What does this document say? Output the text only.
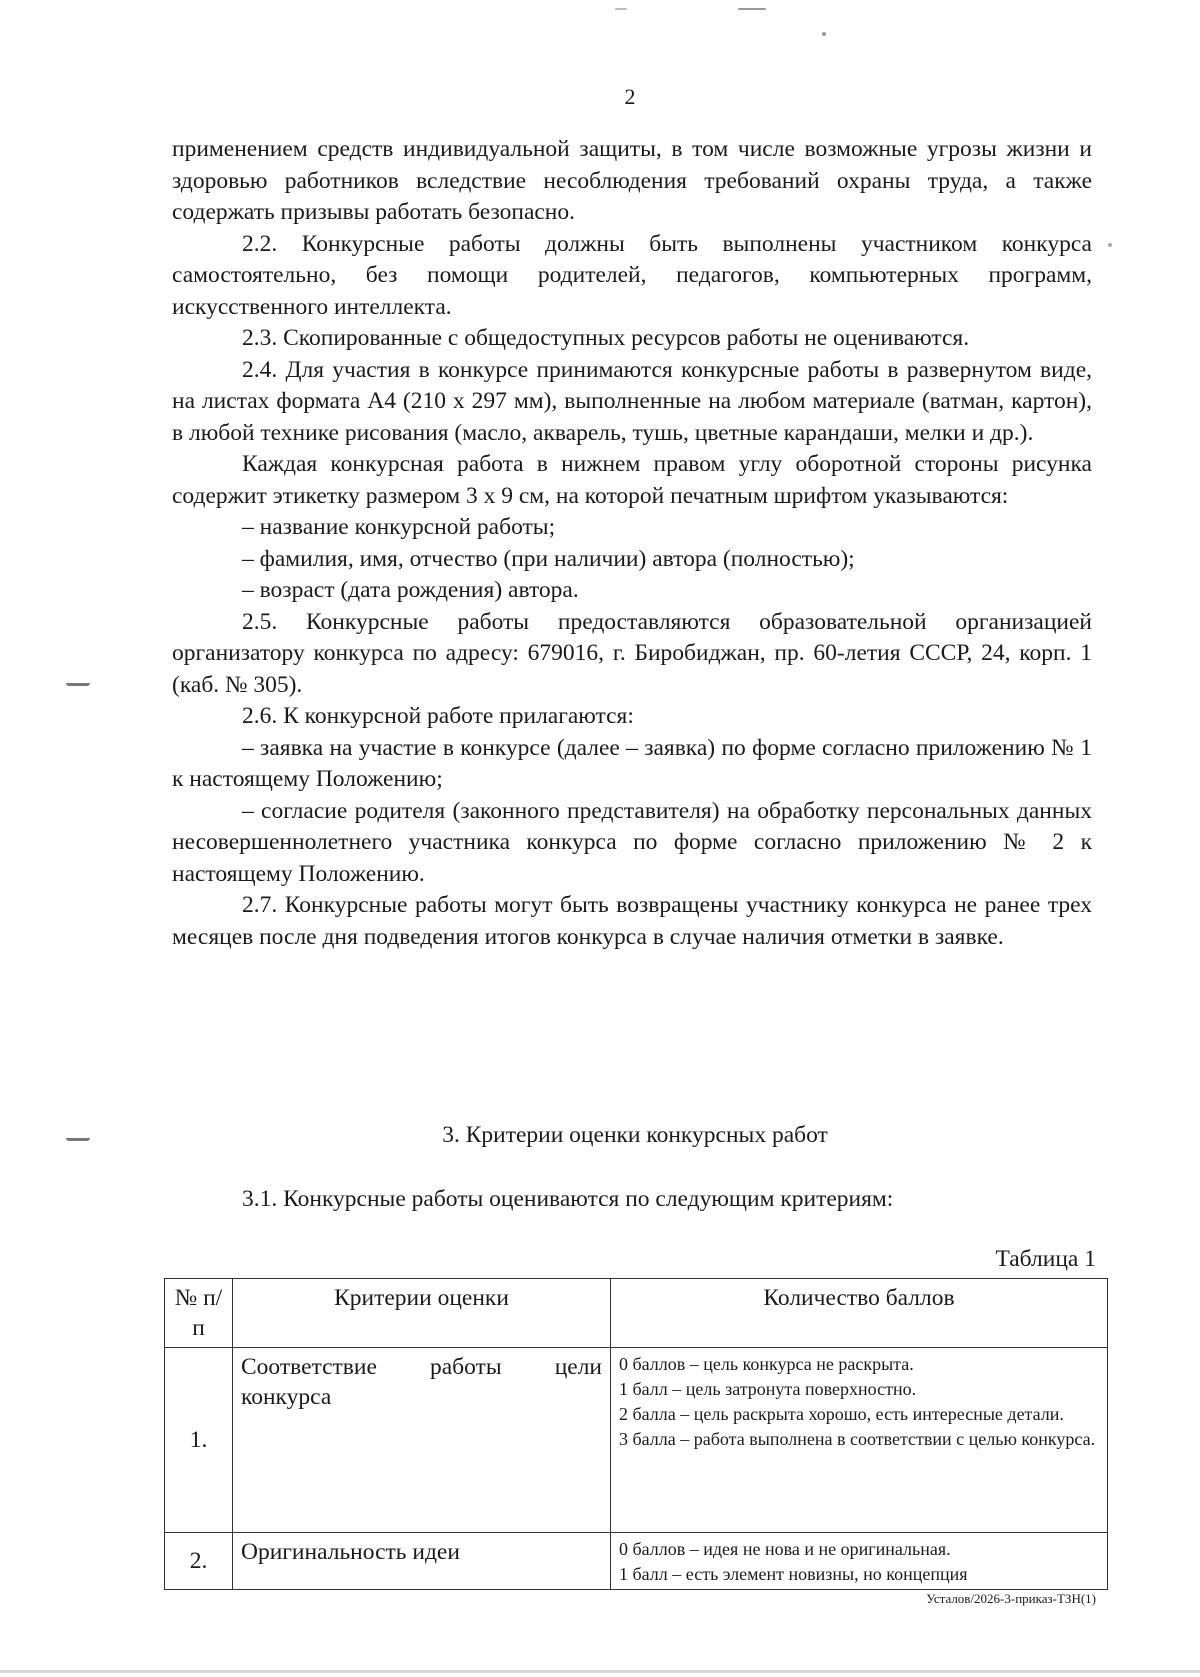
2

применением средств индивидуальной защиты, в том числе возможные угрозы жизни и здоровью работников вследствие несоблюдения требований охраны труда, а также содержать призывы работать безопасно.

2.2. Конкурсные работы должны быть выполнены участником конкурса самостоятельно, без помощи родителей, педагогов, компьютерных программ, искусственного интеллекта.

2.3. Скопированные с общедоступных ресурсов работы не оцениваются.

2.4. Для участия в конкурсе принимаются конкурсные работы в развернутом виде, на листах формата А4 (210 х 297 мм), выполненные на любом материале (ватман, картон), в любой технике рисования (масло, акварель, тушь, цветные карандаши, мелки и др.).

Каждая конкурсная работа в нижнем правом углу оборотной стороны рисунка содержит этикетку размером 3 х 9 см, на которой печатным шрифтом указываются:

– название конкурсной работы;

– фамилия, имя, отчество (при наличии) автора (полностью);

– возраст (дата рождения) автора.

2.5. Конкурсные работы предоставляются образовательной организацией организатору конкурса по адресу: 679016, г. Биробиджан, пр. 60-летия СССР, 24, корп. 1 (каб. № 305).

2.6. К конкурсной работе прилагаются:

– заявка на участие в конкурсе (далее – заявка) по форме согласно приложению № 1 к настоящему Положению;

– согласие родителя (законного представителя) на обработку персональных данных несовершеннолетнего участника конкурса по форме согласно приложению № 2 к настоящему Положению.

2.7. Конкурсные работы могут быть возвращены участнику конкурса не ранее трех месяцев после дня подведения итогов конкурса в случае наличия отметки в заявке.

3. Критерии оценки конкурсных работ
3.1. Конкурсные работы оцениваются по следующим критериям:
Таблица 1
№ п/п	Критерии оценки	Количество баллов
1.	Соответствие работы цели конкурса	0 баллов – цель конкурса не раскрыта.
1 балл – цель затронута поверхностно.
2 балла – цель раскрыта хорошо, есть интересные детали.
3 балла – работа выполнена в соответствии с целью конкурса.

2.	Оригинальность идеи	0 баллов – идея не нова и не оригинальная.
1 балл – есть элемент новизны, но концепция
Усталов/2026-3-приказ-ТЗН(1)
